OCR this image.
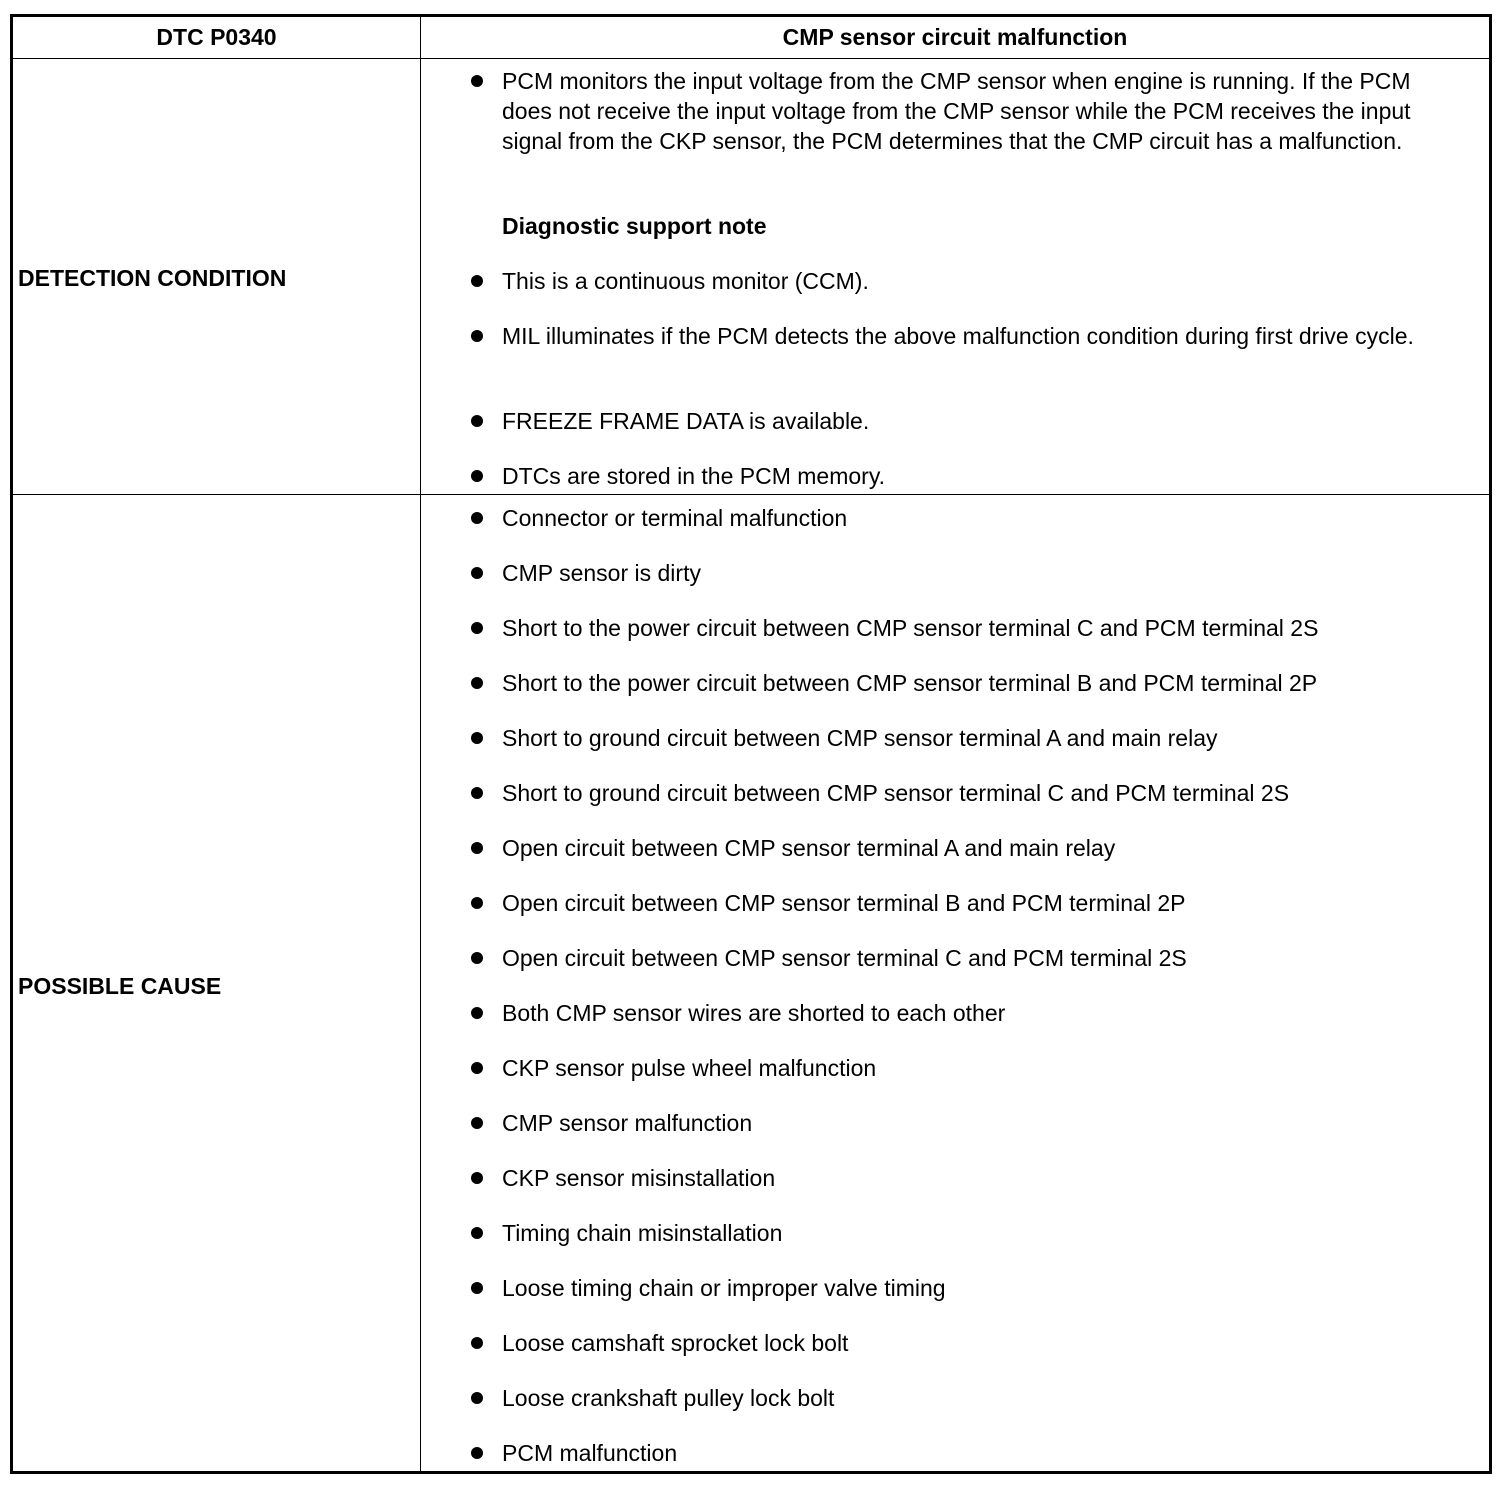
DTC P0340	CMP sensor circuit malfunction
DETECTION CONDITION
PCM monitors the input voltage from the CMP sensor when engine is running. If the PCM does not receive the input voltage from the CMP sensor while the PCM receives the input signal from the CKP sensor, the PCM determines that the CMP circuit has a malfunction.
Diagnostic support note
This is a continuous monitor (CCM).
MIL illuminates if the PCM detects the above malfunction condition during first drive cycle.
FREEZE FRAME DATA is available.
DTCs are stored in the PCM memory.
POSSIBLE CAUSE
Connector or terminal malfunction
CMP sensor is dirty
Short to the power circuit between CMP sensor terminal C and PCM terminal 2S
Short to the power circuit between CMP sensor terminal B and PCM terminal 2P
Short to ground circuit between CMP sensor terminal A and main relay
Short to ground circuit between CMP sensor terminal C and PCM terminal 2S
Open circuit between CMP sensor terminal A and main relay
Open circuit between CMP sensor terminal B and PCM terminal 2P
Open circuit between CMP sensor terminal C and PCM terminal 2S
Both CMP sensor wires are shorted to each other
CKP sensor pulse wheel malfunction
CMP sensor malfunction
CKP sensor misinstallation
Timing chain misinstallation
Loose timing chain or improper valve timing
Loose camshaft sprocket lock bolt
Loose crankshaft pulley lock bolt
PCM malfunction
